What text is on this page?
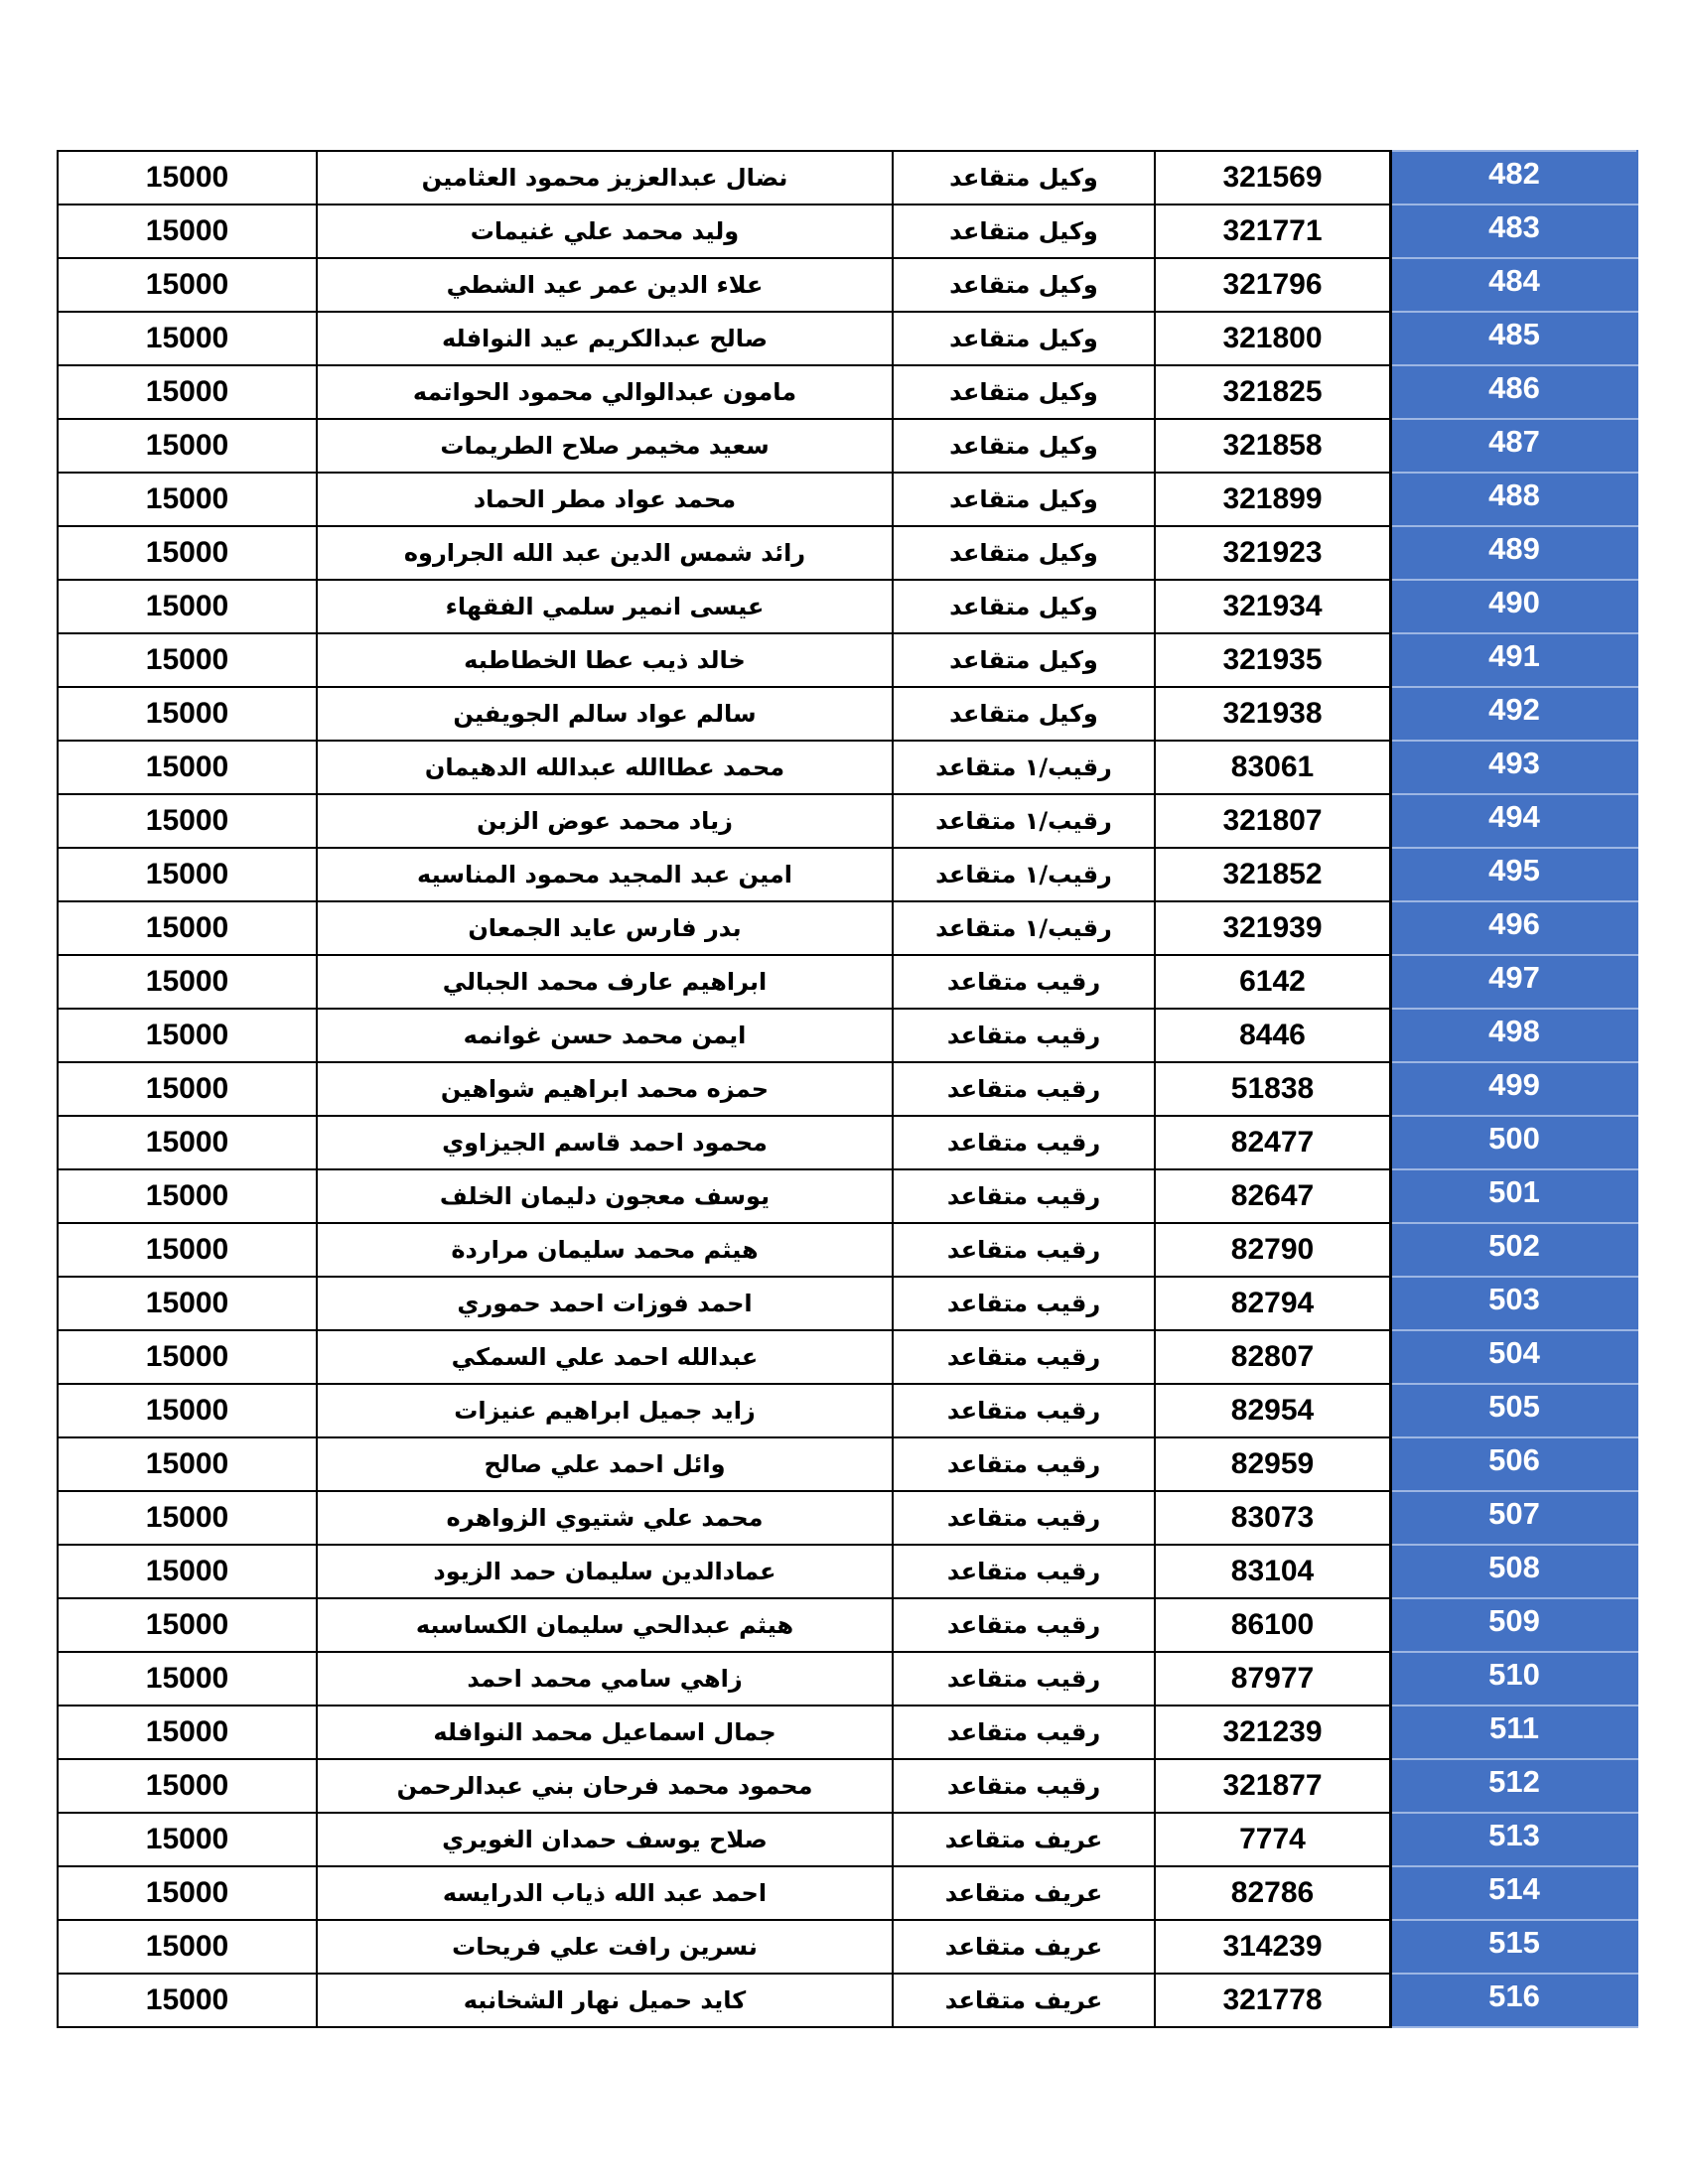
15000	نضال عبدالعزيز محمود العثامين	وكيل متقاعد	321569	482
15000	وليد محمد علي غنيمات	وكيل متقاعد	321771	483
15000	علاء الدين عمر عيد الشطي	وكيل متقاعد	321796	484
15000	صالح عبدالكريم عيد النوافله	وكيل متقاعد	321800	485
15000	مامون عبدالوالي محمود الحواتمه	وكيل متقاعد	321825	486
15000	سعيد مخيمر صلاح الطريمات	وكيل متقاعد	321858	487
15000	محمد عواد مطر الحماد	وكيل متقاعد	321899	488
15000	رائد شمس الدين عبد الله الجراروه	وكيل متقاعد	321923	489
15000	عيسى انمير سلمي الفقهاء	وكيل متقاعد	321934	490
15000	خالد ذيب عطا الخطاطبه	وكيل متقاعد	321935	491
15000	سالم عواد سالم الجويفين	وكيل متقاعد	321938	492
15000	محمد عطاالله عبدالله الدهيمان	رقيب/١ متقاعد	83061	493
15000	زياد محمد عوض الزبن	رقيب/١ متقاعد	321807	494
15000	امين عبد المجيد محمود المناسيه	رقيب/١ متقاعد	321852	495
15000	بدر فارس عايد الجمعان	رقيب/١ متقاعد	321939	496
15000	ابراهيم عارف محمد الجبالي	رقيب متقاعد	6142	497
15000	ايمن محمد حسن غوانمه	رقيب متقاعد	8446	498
15000	حمزه محمد ابراهيم شواهين	رقيب متقاعد	51838	499
15000	محمود احمد قاسم الجيزاوي	رقيب متقاعد	82477	500
15000	يوسف معجون دليمان الخلف	رقيب متقاعد	82647	501
15000	هيثم محمد سليمان مراردة	رقيب متقاعد	82790	502
15000	احمد فوزات احمد حموري	رقيب متقاعد	82794	503
15000	عبدالله احمد علي السمكي	رقيب متقاعد	82807	504
15000	زايد جميل ابراهيم عنيزات	رقيب متقاعد	82954	505
15000	وائل احمد علي صالح	رقيب متقاعد	82959	506
15000	محمد علي شتيوي الزواهره	رقيب متقاعد	83073	507
15000	عمادالدين سليمان حمد الزيود	رقيب متقاعد	83104	508
15000	هيثم عبدالحي سليمان الكساسبه	رقيب متقاعد	86100	509
15000	زاهي سامي محمد احمد	رقيب متقاعد	87977	510
15000	جمال اسماعيل محمد النوافله	رقيب متقاعد	321239	511
15000	محمود محمد فرحان بني عبدالرحمن	رقيب متقاعد	321877	512
15000	صلاح يوسف حمدان الغويري	عريف متقاعد	7774	513
15000	احمد عبد الله ذياب الدرايسه	عريف متقاعد	82786	514
15000	نسرين رافت علي فريحات	عريف متقاعد	314239	515
15000	كايد حميل نهار الشخانبه	عريف متقاعد	321778	516
